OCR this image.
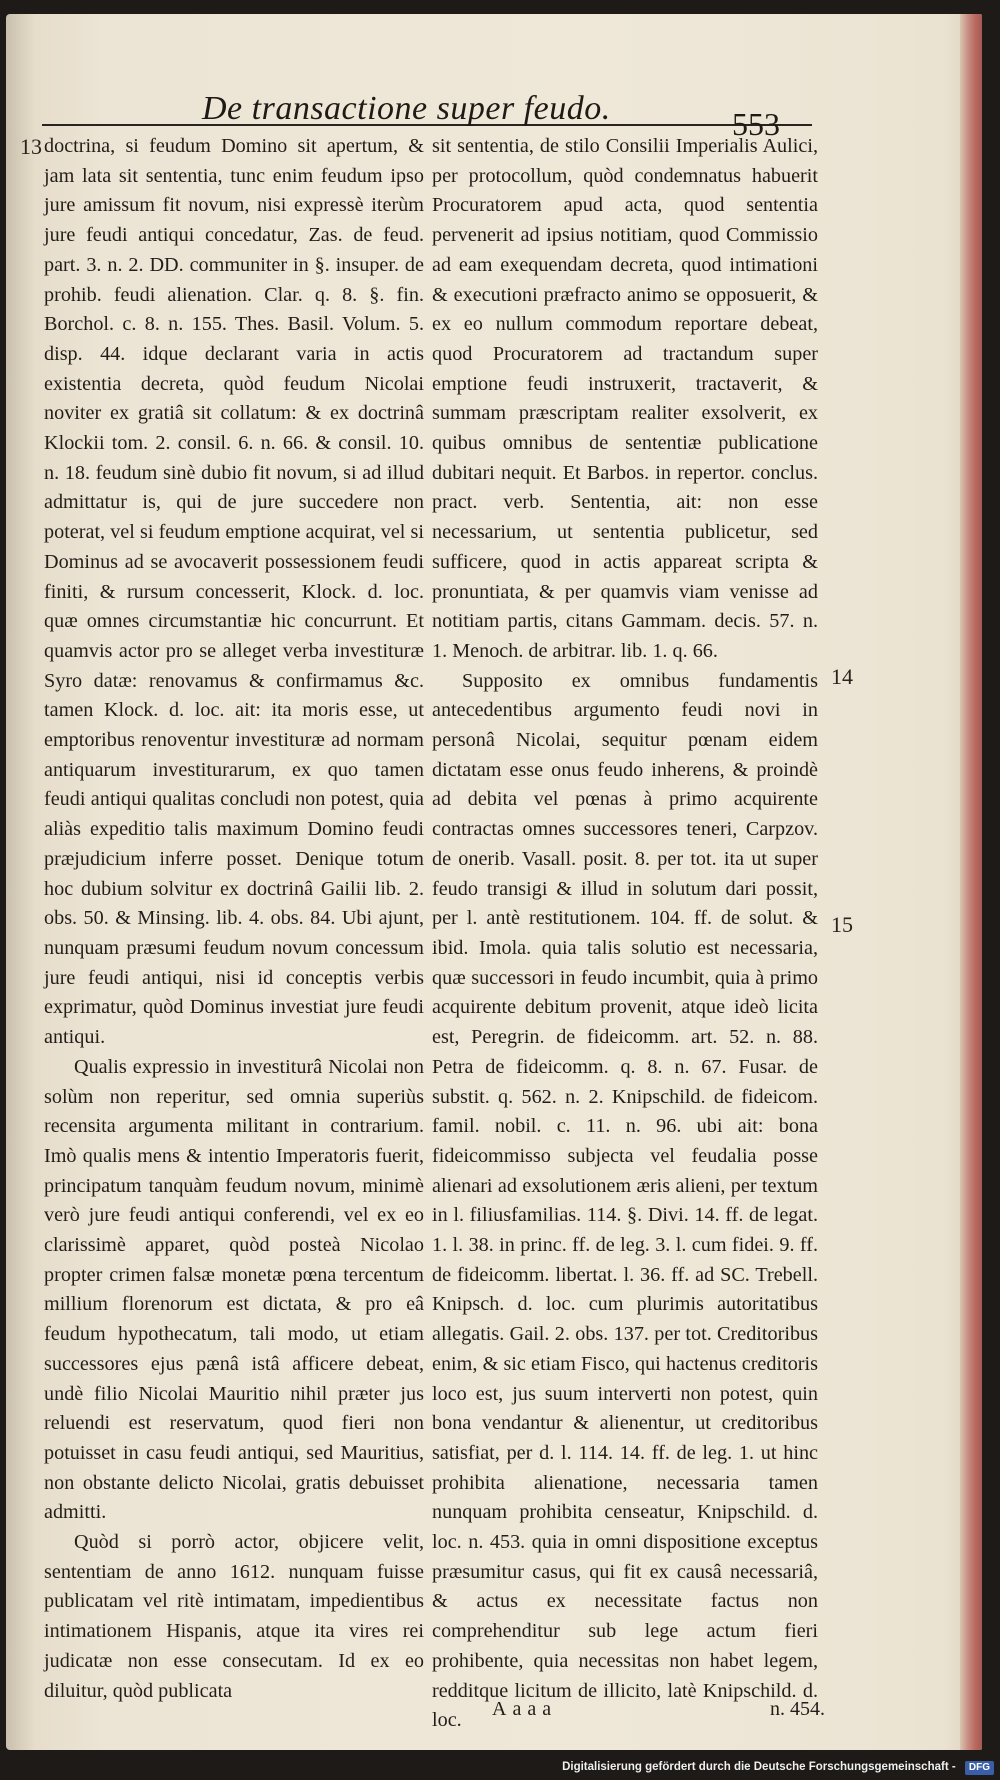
De transactione super feudo.	553
13
14
15

doctrina, si feudum Domino sit apertum, & jam lata sit sententia, tunc enim feudum ipso jure amissum fit novum, nisi expressè iterùm jure feudi antiqui concedatur, Zas. de feud. part. 3. n. 2. DD. communiter in §. insuper. de prohib. feudi alienation. Clar. q. 8. §. fin. Borchol. c. 8. n. 155. Thes. Basil. Volum. 5. disp. 44. idque declarant varia in actis existentia decreta, quòd feudum Nicolai noviter ex gratiâ sit collatum: & ex doctrinâ Klockii tom. 2. consil. 6. n. 66. & consil. 10. n. 18. feudum sinè dubio fit novum, si ad illud admittatur is, qui de jure succedere non poterat, vel si feudum emptione acquirat, vel si Dominus ad se avocaverit possessionem feudi finiti, & rursum concesserit, Klock. d. loc. quæ omnes circumstantiæ hic concurrunt. Et quamvis actor pro se alleget verba investituræ Syro datæ: renovamus & confirmamus &c. tamen Klock. d. loc. ait: ita moris esse, ut emptoribus renoventur investituræ ad normam antiquarum investiturarum, ex quo tamen feudi antiqui qualitas concludi non potest, quia aliàs expeditio talis maximum Domino feudi præjudicium inferre posset. Denique totum hoc dubium solvitur ex doctrinâ Gailii lib. 2. obs. 50. & Minsing. lib. 4. obs. 84. Ubi ajunt, nunquam præsumi feudum novum concessum jure feudi antiqui, nisi id conceptis verbis exprimatur, quòd Dominus investiat jure feudi antiqui.

Qualis expressio in investiturâ Nicolai non solùm non reperitur, sed omnia superiùs recensita argumenta militant in contrarium. Imò qualis mens & intentio Imperatoris fuerit, principatum tanquàm feudum novum, minimè verò jure feudi antiqui conferendi, vel ex eo clarissimè apparet, quòd posteà Nicolao propter crimen falsæ monetæ pœna tercentum millium florenorum est dictata, & pro eâ feudum hypothecatum, tali modo, ut etiam successores ejus pænâ istâ afficere debeat, undè filio Nicolai Mauritio nihil præter jus reluendi est reservatum, quod fieri non potuisset in casu feudi antiqui, sed Mauritius, non obstante delicto Nicolai, gratis debuisset admitti.

Quòd si porrò actor, objicere velit, sententiam de anno 1612. nunquam fuisse publicatam vel ritè intimatam, impedientibus intimationem Hispanis, atque ita vires rei judicatæ non esse consecutam. Id ex eo diluitur, quòd publicata

sit sententia, de stilo Consilii Imperialis Aulici, per protocollum, quòd condemnatus habuerit Procuratorem apud acta, quod sententia pervenerit ad ipsius notitiam, quod Commissio ad eam exequendam decreta, quod intimationi & executioni præfracto animo se opposuerit, & ex eo nullum commodum reportare debeat, quod Procuratorem ad tractandum super emptione feudi instruxerit, tractaverit, & summam præscriptam realiter exsolverit, ex quibus omnibus de sententiæ publicatione dubitari nequit. Et Barbos. in repertor. conclus. pract. verb. Sententia, ait: non esse necessarium, ut sententia publicetur, sed sufficere, quod in actis appareat scripta & pronuntiata, & per quamvis viam venisse ad notitiam partis, citans Gammam. decis. 57. n. 1. Menoch. de arbitrar. lib. 1. q. 66.

Supposito ex omnibus fundamentis antecedentibus argumento feudi novi in personâ Nicolai, sequitur pœnam eidem dictatam esse onus feudo inherens, & proindè ad debita vel pœnas à primo acquirente contractas omnes successores teneri, Carpzov. de onerib. Vasall. posit. 8. per tot. ita ut super feudo transigi & illud in solutum dari possit, per l. antè restitutionem. 104. ff. de solut. & ibid. Imola. quia talis solutio est necessaria, quæ successori in feudo incumbit, quia à primo acquirente debitum provenit, atque ideò licita est, Peregrin. de fideicomm. art. 52. n. 88. Petra de fideicomm. q. 8. n. 67. Fusar. de substit. q. 562. n. 2. Knipschild. de fideicom. famil. nobil. c. 11. n. 96. ubi ait: bona fideicommisso subjecta vel feudalia posse alienari ad exsolutionem æris alieni, per textum in l. filiusfamilias. 114. §. Divi. 14. ff. de legat. 1. l. 38. in princ. ff. de leg. 3. l. cum fidei. 9. ff. de fideicomm. libertat. l. 36. ff. ad SC. Trebell. Knipsch. d. loc. cum plurimis autoritatibus allegatis. Gail. 2. obs. 137. per tot. Creditoribus enim, & sic etiam Fisco, qui hactenus creditoris loco est, jus suum interverti non potest, quin bona vendantur & alienentur, ut creditoribus satisfiat, per d. l. 114. 14. ff. de leg. 1. ut hinc prohibita alienatione, necessaria tamen nunquam prohibita censeatur, Knipschild. d. loc. n. 453. quia in omni dispositione exceptus præsumitur casus, qui fit ex causâ necessariâ, & actus ex necessitate factus non comprehenditur sub lege actum fieri prohibente, quia necessitas non habet legem, redditque licitum de illicito, latè Knipschild. d. loc.

Aaaa	n. 454.
Digitalisierung gefördert durch die Deutsche Forschungsgemeinschaft - DFG
